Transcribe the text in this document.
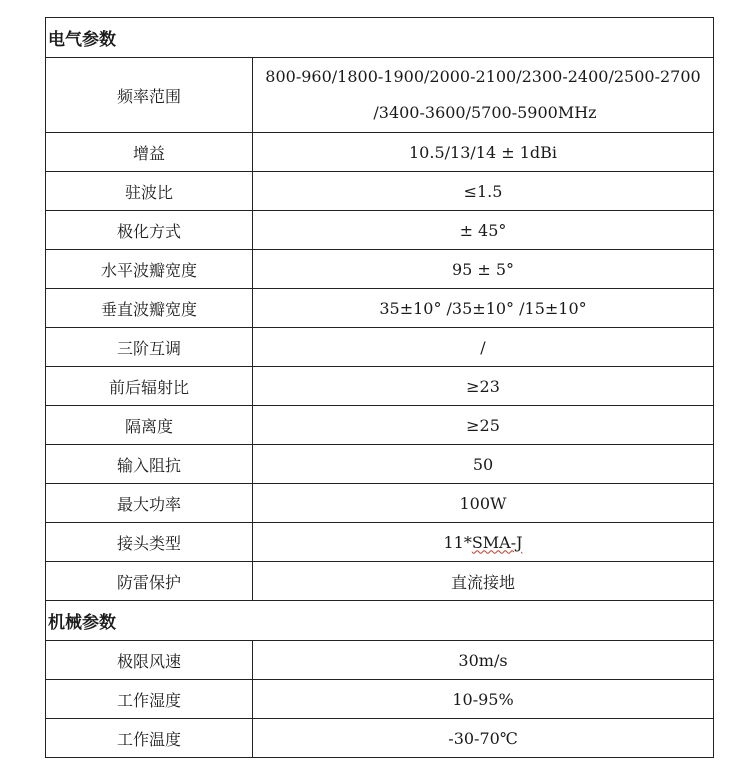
电气参数	
频率范围	800-960/1800-1900/2000-2100/2300-2400/2500-2700
/3400-3600/5700-5900MHz

增益	10.5/13/14 ± 1dBi
驻波比	≤1.5
极化方式	± 45°
水平波瓣宽度	95 ± 5°
垂直波瓣宽度	35±10° /35±10° /15±10°
三阶互调	/
前后辐射比	≥23
隔离度	≥25
输入阻抗	50
最大功率	100W
接头类型	11*SMA-J
防雷保护	直流接地
机械参数	
极限风速	30m/s
工作湿度	10-95%
工作温度	-30-70℃
